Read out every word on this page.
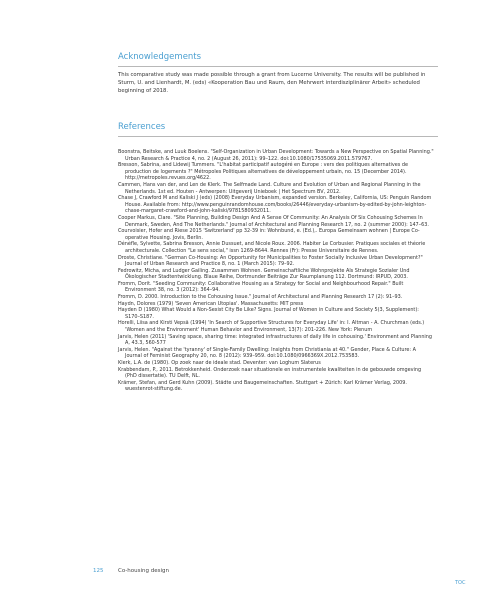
Acknowledgements

This comparative study was made possible through a grant from Lucerne University. The results will be published in Sturm, U. and Lienhardt, M. (eds) «Kooperation Bau und Raum, den Mehrwert interdisziplinärer Arbeit» scheduled beginning of 2018.

References

Boonstra, Beitske, and Luuk Boelens. "Self-Organization in Urban Development: Towards a New Perspective on Spatial Planning." Urban Research & Practice 4, no. 2 (August 26, 2011): 99–122. doi:10.1080/17535069.2011.579767.

Bresson, Sabrina, and Lidewij Tummers. "L'habitat participatif autogéré en Europe : vers des politiques alternatives de production de logements ?" Métropoles Politiques alternatives de développement urbain, no. 15 (December 2014). http://metropoles.revues.org/4622.

Cammen, Hans van der, and Len de Klerk. The Selfmade Land. Culture and Evolution of Urban and Regional Planning in the Netherlands. 1st ed. Houten - Antwerpen: Uitgeverij Unieboek | Het Spectrum BV, 2012.

Chase J, Crawford M and Kaliski J (eds) (2008) Everyday Urbanism, expanded version. Berkeley, California, US: Penguin Random House. Available from: http://www.penguinrandomhouse.com/books/26446/everyday-urbanism-by-edited-by-john-leighton-chase-margaret-crawford-and-john-kaliski/9781580932011.

Cooper Markus, Clare. "Site Planning, Building Design And A Sense Of Community: An Analysis Of Six Cohousing Schemes In Denmark, Sweden, And The Netherlands." Journal of Architectural and Planning Research 17, no. 2 (summer 2000): 147–63.

Courvoisier, Hofer and Riese 2015 'Switzerland' pp 32-39 in: Wohnbund, e. (Ed.),. Europa Gemeinsam wohnen | Europe Co-operative Housing. Jovis, Berlin.

Dénèfle, Sylvette, Sabrina Bresson, Annie Dussuet, and Nicole Roux. 2006. Habiter Le Corbusier. Pratiques sociales et théorie architecturale. Collection "Le sens social," issn 1269-8644. Rennes (Fr): Presse Universitaire de Rennes.

Droste, Christiane. "German Co-Housing: An Opportunity for Municipalities to Foster Socially Inclusive Urban Development?" Journal of Urban Research and Practice 8, no. 1 (March 2015): 79–92.

Fedrowitz, Micha, and Ludger Gailing. Zusammen Wohnen. Gemeinschaftliche Wohnprojekte Als Strategie Sozialer Und Ökologischer Stadtentwicklung. Blaue Reihe, Dortmunder Beiträge Zur Raumplanung 112. Dortmund: IRPUD, 2003.

Fromm, Dorit. "Seeding Community: Collaborative Housing as a Strategy for Social and Neighbourhood Repair." Built Environment 38, no. 3 (2012): 364–94.

Fromm, D. 2000. Introduction to the Cohousing Issue." Journal of Architectural and Planning Research 17 (2): 91–93.

Haydn, Dolores (1979) 'Seven American Utopias'. Massachusetts: MIT press

Hayden D (1980) What Would a Non-Sexist City Be Like? Signs. Journal of Women in Culture and Society 5(3, Supplement): S170–S187.

Horelli, Liisa and Kirsti Vepsä (1994) 'In Search of Supportive Structures for Everyday Life' in: I. Altman - A. Churchman (eds.) 'Women and the Environment' Human Behavior and Environment, 13(7): 201-226. New York: Plenum

Jarvis, Helen (2011) 'Saving space, sharing time: integrated infrastructures of daily life in cohousing.' Environment and Planning A, 43.3, 560-577

Jarvis, Helen. "Against the 'tyranny' of Single-Family Dwelling: Insights from Christiania at 40." Gender, Place & Culture: A Journal of Feminist Geography 20, no. 8 (2012): 939–959. doi:10.1080/0966369X.2012.753583.

Klerk, L.A. de (1980). Op zoek naar de ideale stad. Deventer: van Loghum Slaterus

Krabbendam, P., 2011. Betrokkenheid. Onderzoek naar situationele en instrumentele kwaliteiten in de gebouwde omgeving (PhD dissertatie). TU Delft, NL.

Krämer, Stefan, and Gerd Kuhn (2009). Städte und Baugemeinschaften. Stuttgart + Zürich: Karl Krämer Verlag, 2009. wuestenrot-stiftung.de.

125	Co-housing design
TOC
